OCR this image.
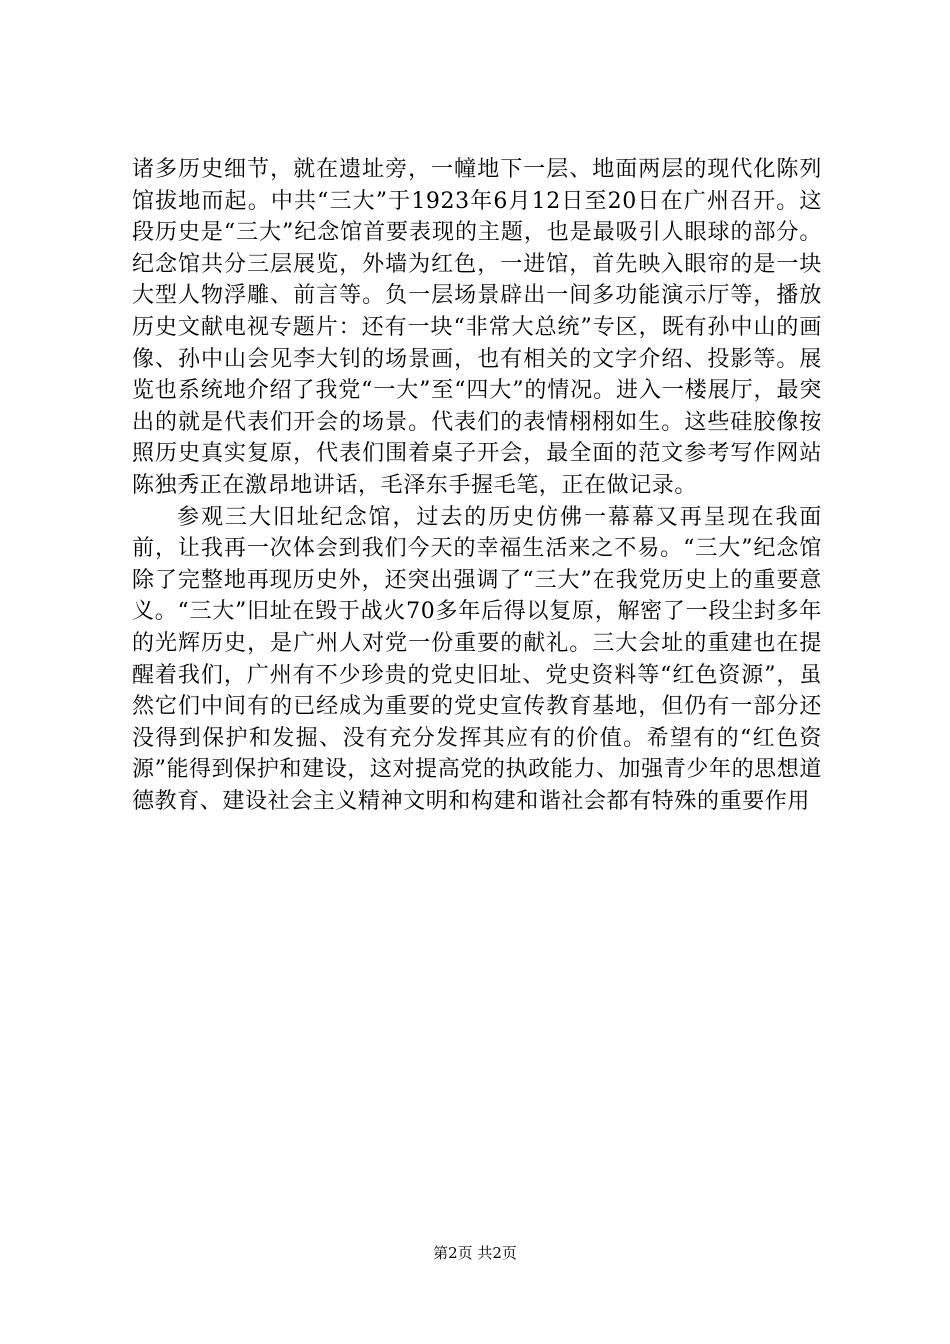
诸多历史细节，就在遗址旁，一幢地下一层、地面两层的现代化陈列馆拔地而起。中共“三大”于1923年6月12日至20日在广州召开。这段历史是“三大”纪念馆首要表现的主题，也是最吸引人眼球的部分。纪念馆共分三层展览，外墙为红色，一进馆，首先映入眼帘的是一块大型人物浮雕、前言等。负一层场景辟出一间多功能演示厅等，播放历史文献电视专题片：还有一块“非常大总统”专区，既有孙中山的画像、孙中山会见李大钊的场景画，也有相关的文字介绍、投影等。展览也系统地介绍了我党“一大”至“四大”的情况。进入一楼展厅，最突出的就是代表们开会的场景。代表们的表情栩栩如生。这些硅胶像按照历史真实复原，代表们围着桌子开会，最全面的范文参考写作网站陈独秀正在激昂地讲话，毛泽东手握毛笔，正在做记录。

参观三大旧址纪念馆，过去的历史仿佛一幕幕又再呈现在我面前，让我再一次体会到我们今天的幸福生活来之不易。“三大”纪念馆除了完整地再现历史外，还突出强调了“三大”在我党历史上的重要意义。“三大”旧址在毁于战火70多年后得以复原，解密了一段尘封多年的光辉历史，是广州人对党一份重要的献礼。三大会址的重建也在提醒着我们，广州有不少珍贵的党史旧址、党史资料等“红色资源”，虽然它们中间有的已经成为重要的党史宣传教育基地，但仍有一部分还没得到保护和发掘、没有充分发挥其应有的价值。希望有的“红色资源”能得到保护和建设，这对提高党的执政能力、加强青少年的思想道德教育、建设社会主义精神文明和构建和谐社会都有特殊的重要作用

第2页 共2页
